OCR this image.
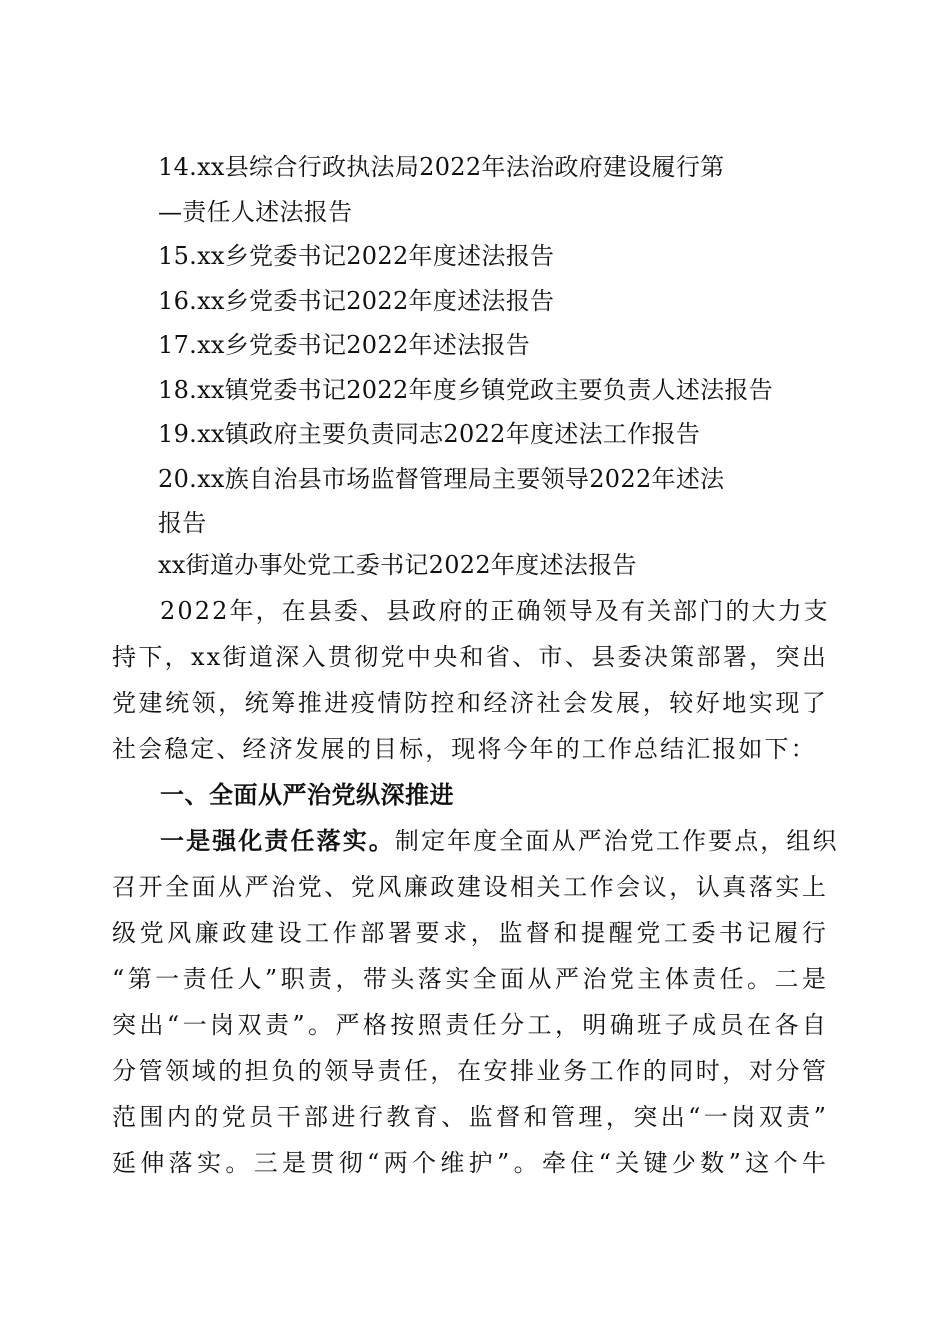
14.xx县综合行政执法局2022年法治政府建设履行第
—责任人述法报告
15.xx乡党委书记2022年度述法报告
16.xx乡党委书记2022年度述法报告
17.xx乡党委书记2022年述法报告
18.xx镇党委书记2022年度乡镇党政主要负责人述法报告
19.xx镇政府主要负责同志2022年度述法工作报告
20.xx族自治县市场监督管理局主要领导2022年述法
报告
xx街道办事处党工委书记2022年度述法报告
2022年，在县委、县政府的正确领导及有关部门的大力支
持下，xx街道深入贯彻党中央和省、市、县委决策部署，突出
党建统领，统筹推进疫情防控和经济社会发展，较好地实现了
社会稳定、经济发展的目标，现将今年的工作总结汇报如下：
一、全面从严治党纵深推进
一是强化责任落实。制定年度全面从严治党工作要点，组织
召开全面从严治党、党风廉政建设相关工作会议，认真落实上
级党风廉政建设工作部署要求，监督和提醒党工委书记履行
“第一责任人”职责，带头落实全面从严治党主体责任。二是
突出“一岗双责”。严格按照责任分工，明确班子成员在各自
分管领域的担负的领导责任，在安排业务工作的同时，对分管
范围内的党员干部进行教育、监督和管理，突出“一岗双责”
延伸落实。三是贯彻“两个维护”。牵住“关键少数”这个牛
